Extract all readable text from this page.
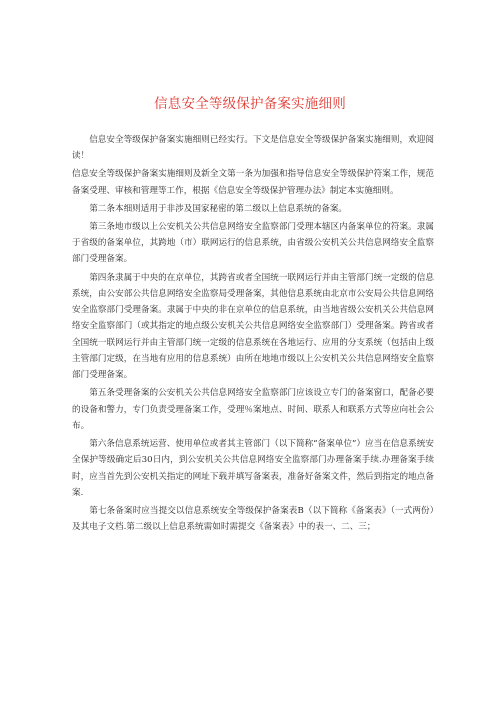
信息安全等级保护备案实施细则

信息安全等级保护备案实施细则已经实行。下文是信息安全等级保护备案实施细则，欢迎阅读！

信息安全等级保护备案实施细则及新全文第一条为加强和指导信息安全等级保护符案工作，规范备案受理、审核和管理等工作，根据《信息安全等级保护管理办法》制定本实施细则。

第二条本细则适用于非涉及国家秘密的第二级以上信息系统的备案。

第三条地市级以上公安机关公共信息网络安全监察部门受理本辖区内备案单位的符案。隶属于省级的备案单位，其跨地（市）联网运行的信息系统，由省级公安机关公共信息网络安全监察部门受理备案。

第四条隶属于中央的在京单位，其跨省或者全国统一联网运行并由主管部门统一定级的信息系统，由公安部公共信息网络安全监察局受理备案，其他信息系统由北京市公安局公共信息网络安全监察部门受理备案。隶属于中央的非在京单位的信息系统，由当地省级公安机关公共信息网络安全监察部门（或其指定的地点级公安机关公共信息网络安全监察部门）受理备案。跨省或者全国统一联网运行并由主管部门统一定级的信息系统在各地运行、应用的分支系统（包括由上级主管部门定级，在当地有应用的信息系统）由所在地地市级以上公安机关公共信息网络安全监察部门受理备案。

第五条受理备案的公安机关公共信息网络安全监察部门应该设立专门的备案窗口，配备必要的设备和警力，专门负责受理备案工作，受理％案地点、时间、联系人和联系方式等应向社会公布。

第六条信息系统运营、使用单位或者其主管部门（以下简称“备案单位”）应当在信息系统安全保护等级确定后30日内，到公安机关公共信息网络安全监察部门办理备案手续.办理备案手续时，应当首先到公安机关指定的网址下载并填写备案表，准备好备案文件，然后到指定的地点备案.

第七条备案时应当提交以信息系统安全等级保护备案表B（以下简称《备案表》（一式两份）及其电子文档.第二级以上信息系统需如时需提交《备案表》中的表一、二、三；
